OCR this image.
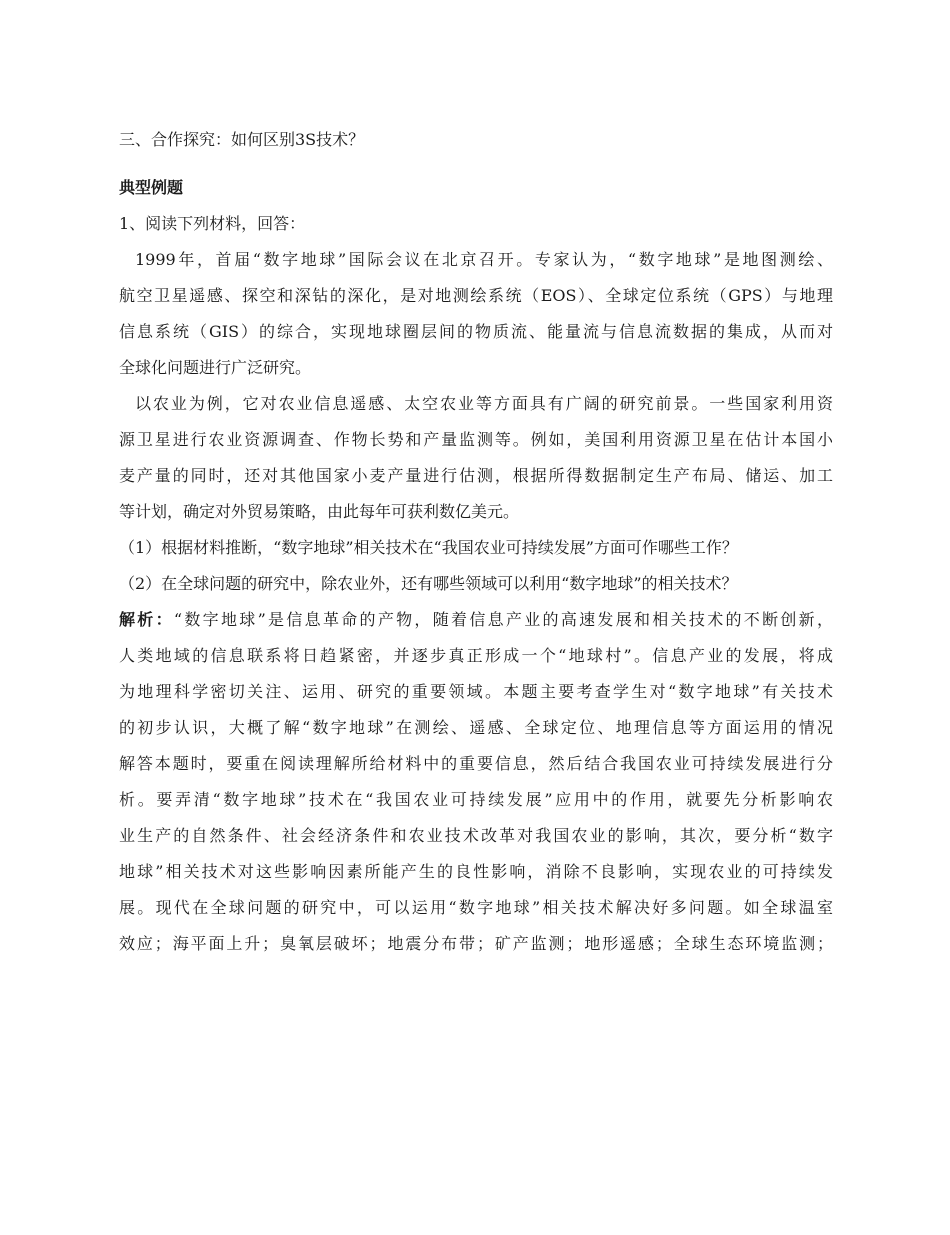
三、合作探究：如何区别3S技术？
典型例题
1、阅读下列材料，回答：
1999年，首届“数字地球”国际会议在北京召开。专家认为，“数字地球”是地图测绘、
航空卫星遥感、探空和深钻的深化，是对地测绘系统（EOS）、全球定位系统（GPS）与地理
信息系统（GIS）的综合，实现地球圈层间的物质流、能量流与信息流数据的集成，从而对
全球化问题进行广泛研究。
以农业为例，它对农业信息遥感、太空农业等方面具有广阔的研究前景。一些国家利用资
源卫星进行农业资源调查、作物长势和产量监测等。例如，美国利用资源卫星在估计本国小
麦产量的同时，还对其他国家小麦产量进行估测，根据所得数据制定生产布局、储运、加工
等计划，确定对外贸易策略，由此每年可获利数亿美元。
（1）根据材料推断，“数字地球”相关技术在“我国农业可持续发展”方面可作哪些工作？
（2）在全球问题的研究中，除农业外，还有哪些领域可以利用“数字地球”的相关技术？
解析：“数字地球”是信息革命的产物，随着信息产业的高速发展和相关技术的不断创新，
人类地域的信息联系将日趋紧密，并逐步真正形成一个“地球村”。信息产业的发展，将成
为地理科学密切关注、运用、研究的重要领域。本题主要考查学生对“数字地球”有关技术
的初步认识，大概了解“数字地球”在测绘、遥感、全球定位、地理信息等方面运用的情况
解答本题时，要重在阅读理解所给材料中的重要信息，然后结合我国农业可持续发展进行分
析。要弄清“数字地球”技术在“我国农业可持续发展”应用中的作用，就要先分析影响农
业生产的自然条件、社会经济条件和农业技术改革对我国农业的影响，其次，要分析“数字
地球”相关技术对这些影响因素所能产生的良性影响，消除不良影响，实现农业的可持续发
展。现代在全球问题的研究中，可以运用“数字地球”相关技术解决好多问题。如全球温室
效应；海平面上升；臭氧层破坏；地震分布带；矿产监测；地形遥感；全球生态环境监测；
